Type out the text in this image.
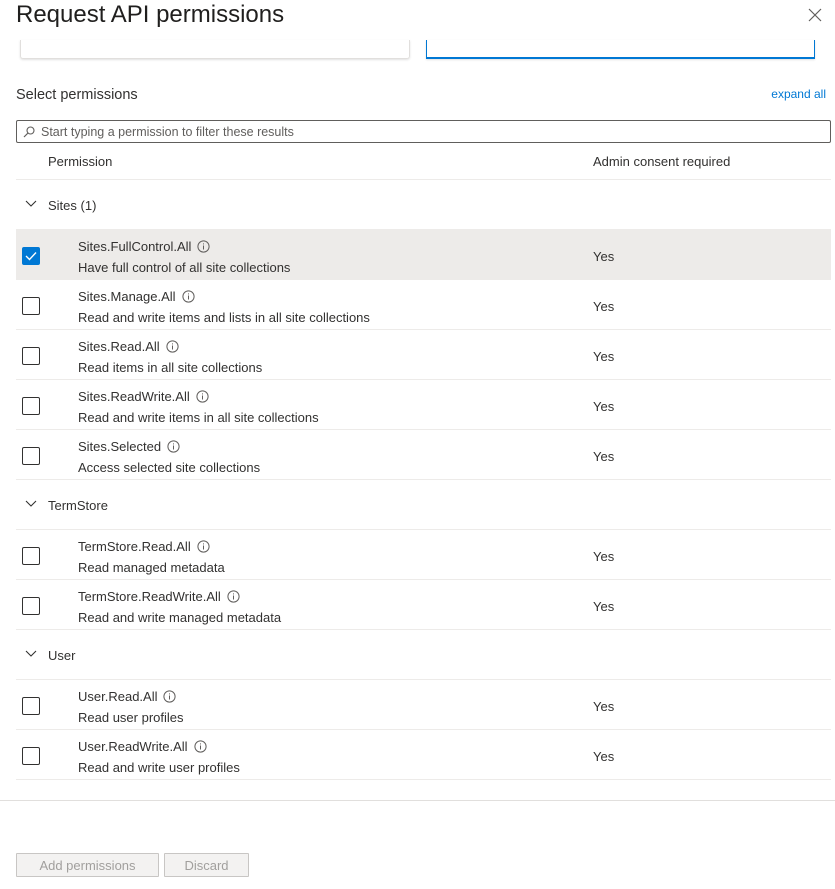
Request API permissions
Select permissions	expand all
Start typing a permission to filter these results
Permission	Admin consent required
Sites (1)
Sites.FullControl.All
Have full control of all site collections
Yes
Sites.Manage.All
Read and write items and lists in all site collections
Yes
Sites.Read.All
Read items in all site collections
Yes
Sites.ReadWrite.All
Read and write items in all site collections
Yes
Sites.Selected
Access selected site collections
Yes
TermStore
TermStore.Read.All
Read managed metadata
Yes
TermStore.ReadWrite.All
Read and write managed metadata
Yes
User
User.Read.All
Read user profiles
Yes
User.ReadWrite.All
Read and write user profiles
Yes
Add permissions	Discard
